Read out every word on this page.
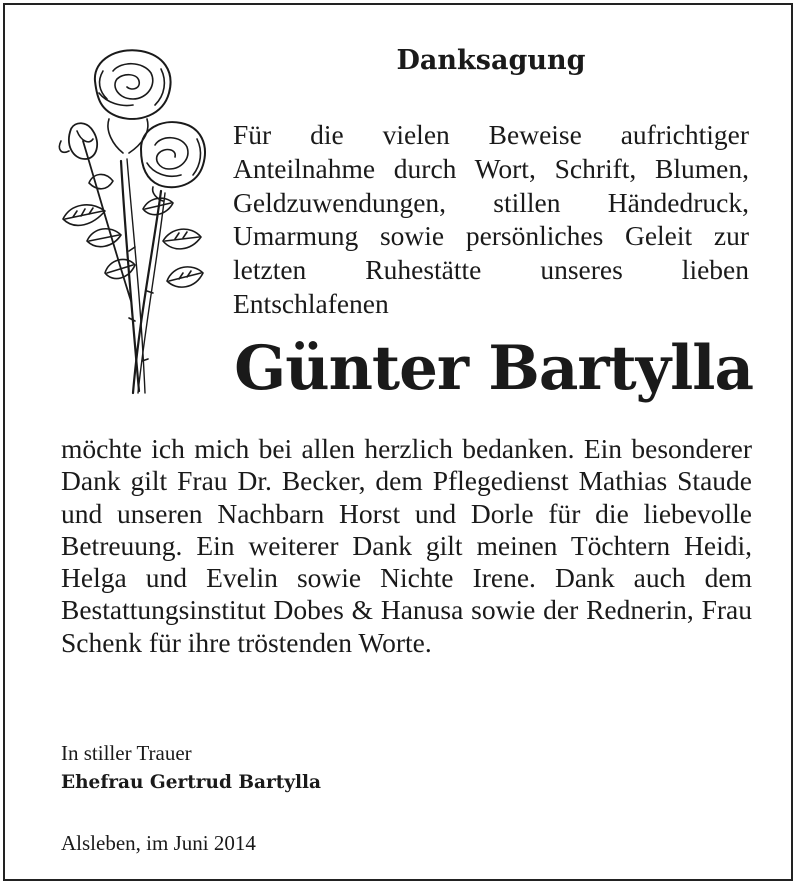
Danksagung

Für die vielen Beweise aufrichtiger Anteilnahme durch Wort, Schrift, Blumen, Geldzuwendungen, stillen Händedruck, Umarmung sowie persönliches Geleit zur letzten Ruhestätte unseres lieben Entschlafenen

Günter Bartylla

möchte ich mich bei allen herzlich bedanken. Ein besonderer Dank gilt Frau Dr. Becker, dem Pflegedienst Mathias Staude und unseren Nachbarn Horst und Dorle für die liebevolle Betreuung. Ein weiterer Dank gilt meinen Töchtern Heidi, Helga und Evelin sowie Nichte Irene. Dank auch dem Bestattungsinstitut Dobes & Hanusa sowie der Rednerin, Frau Schenk für ihre tröstenden Worte.

In stiller Trauer

Ehefrau Gertrud Bartylla

Alsleben, im Juni 2014
